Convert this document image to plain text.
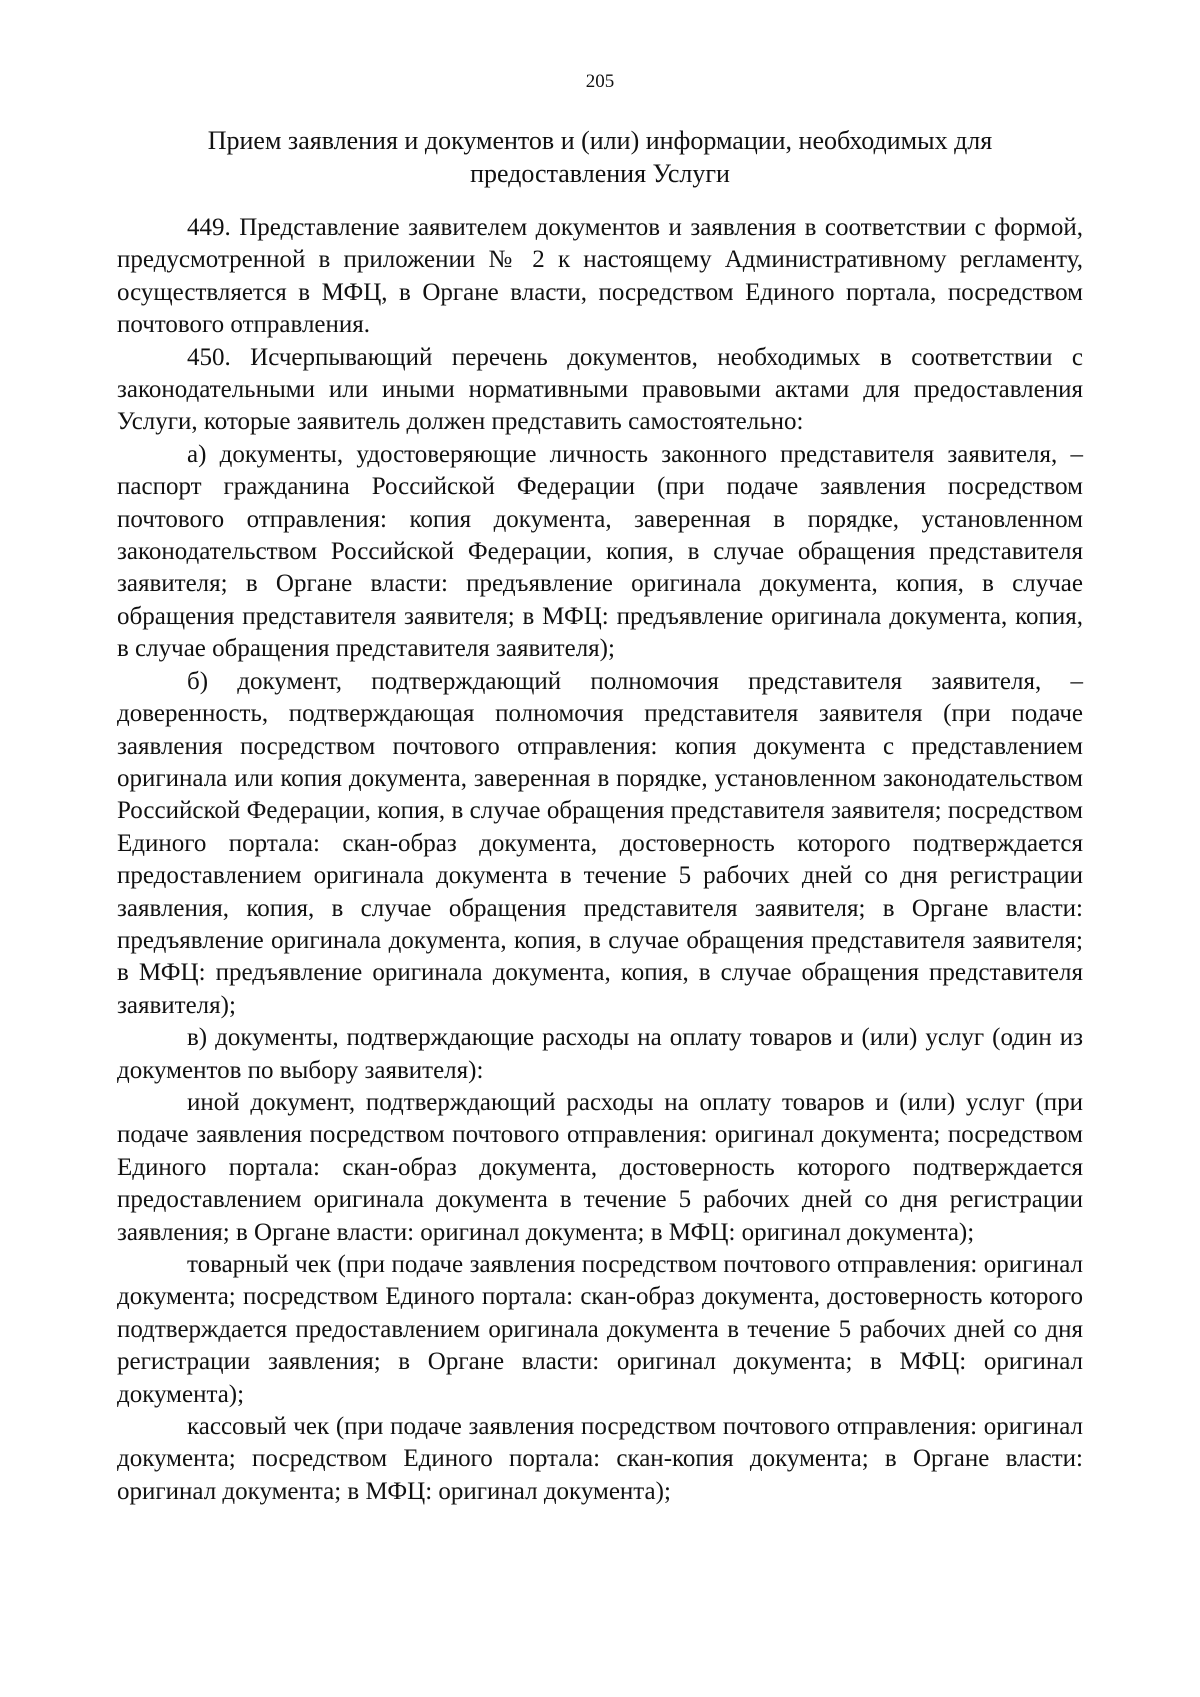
205
Прием заявления и документов и (или) информации, необходимых для предоставления Услуги

449. Представление заявителем документов и заявления в соответствии с формой, предусмотренной в приложении № 2 к настоящему Административному регламенту, осуществляется в МФЦ, в Органе власти, посредством Единого портала, посредством почтового отправления.

450. Исчерпывающий перечень документов, необходимых в соответствии с законодательными или иными нормативными правовыми актами для предоставления Услуги, которые заявитель должен представить самостоятельно:

а) документы, удостоверяющие личность законного представителя заявителя, – паспорт гражданина Российской Федерации (при подаче заявления посредством почтового отправления: копия документа, заверенная в порядке, установленном законодательством Российской Федерации, копия, в случае обращения представителя заявителя; в Органе власти: предъявление оригинала документа, копия, в случае обращения представителя заявителя; в МФЦ: предъявление оригинала документа, копия, в случае обращения представителя заявителя);

б) документ, подтверждающий полномочия представителя заявителя, – доверенность, подтверждающая полномочия представителя заявителя (при подаче заявления посредством почтового отправления: копия документа с представлением оригинала или копия документа, заверенная в порядке, установленном законодательством Российской Федерации, копия, в случае обращения представителя заявителя; посредством Единого портала: скан-образ документа, достоверность которого подтверждается предоставлением оригинала документа в течение 5 рабочих дней со дня регистрации заявления, копия, в случае обращения представителя заявителя; в Органе власти: предъявление оригинала документа, копия, в случае обращения представителя заявителя; в МФЦ: предъявление оригинала документа, копия, в случае обращения представителя заявителя);

в) документы, подтверждающие расходы на оплату товаров и (или) услуг (один из документов по выбору заявителя):

иной документ, подтверждающий расходы на оплату товаров и (или) услуг (при подаче заявления посредством почтового отправления: оригинал документа; посредством Единого портала: скан-образ документа, достоверность которого подтверждается предоставлением оригинала документа в течение 5 рабочих дней со дня регистрации заявления; в Органе власти: оригинал документа; в МФЦ: оригинал документа);

товарный чек (при подаче заявления посредством почтового отправления: оригинал документа; посредством Единого портала: скан-образ документа, достоверность которого подтверждается предоставлением оригинала документа в течение 5 рабочих дней со дня регистрации заявления; в Органе власти: оригинал документа; в МФЦ: оригинал документа);

кассовый чек (при подаче заявления посредством почтового отправления: оригинал документа; посредством Единого портала: скан-копия документа; в Органе власти: оригинал документа; в МФЦ: оригинал документа);
